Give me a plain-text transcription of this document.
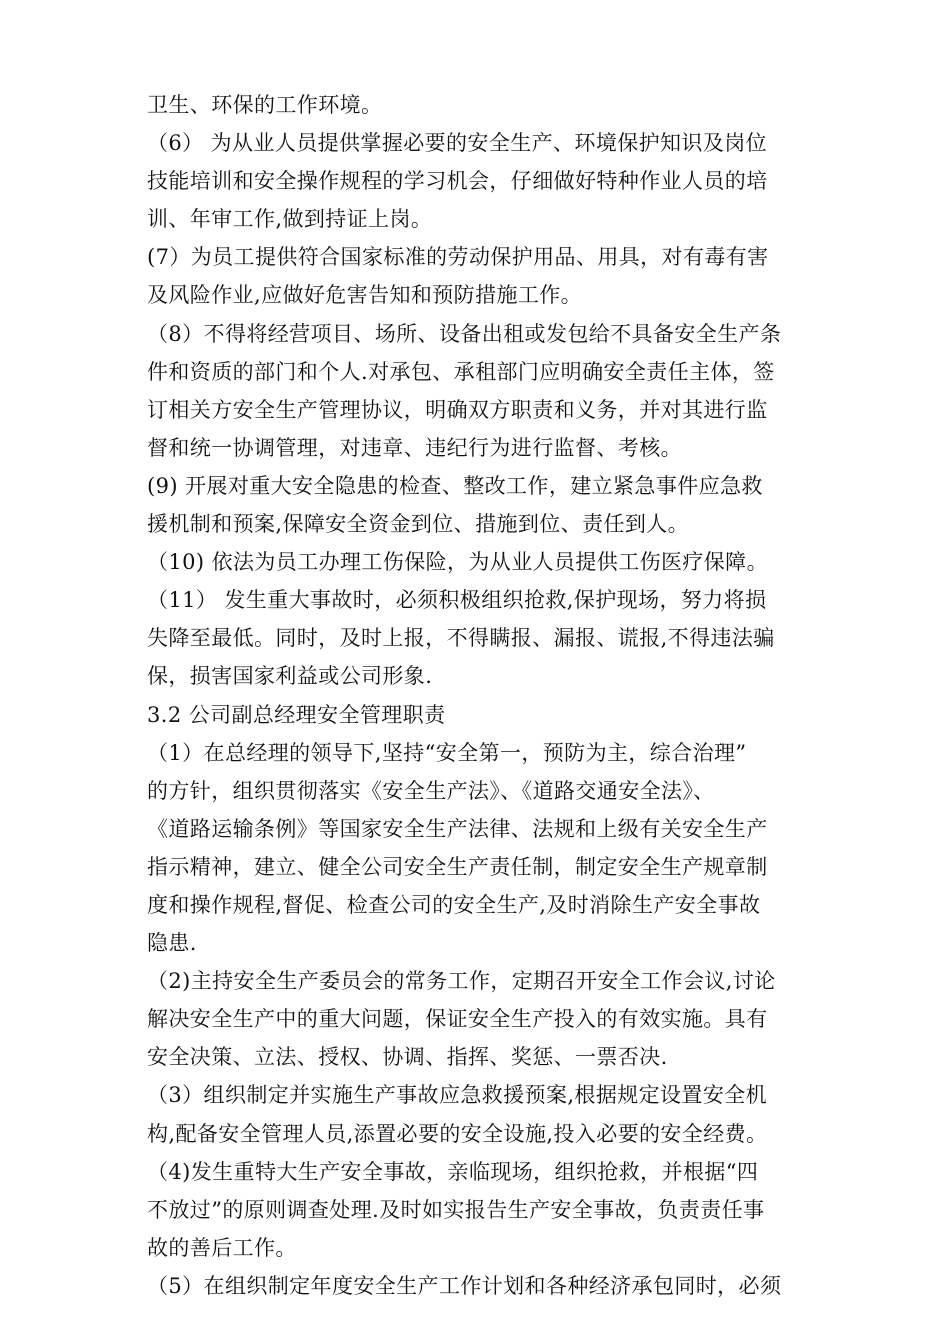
卫生、环保的工作环境。
（6） 为从业人员提供掌握必要的安全生产、环境保护知识及岗位
技能培训和安全操作规程的学习机会，仔细做好特种作业人员的培
训、年审工作,做到持证上岗。
(7）为员工提供符合国家标准的劳动保护用品、用具，对有毒有害
及风险作业,应做好危害告知和预防措施工作。
（8）不得将经营项目、场所、设备出租或发包给不具备安全生产条
件和资质的部门和个人.对承包、承租部门应明确安全责任主体，签
订相关方安全生产管理协议，明确双方职责和义务，并对其进行监
督和统一协调管理，对违章、违纪行为进行监督、考核。
(9) 开展对重大安全隐患的检查、整改工作，建立紧急事件应急救
援机制和预案,保障安全资金到位、措施到位、责任到人。
（10) 依法为员工办理工伤保险，为从业人员提供工伤医疗保障。
（11） 发生重大事故时，必须积极组织抢救,保护现场，努力将损
失降至最低。同时，及时上报，不得瞒报、漏报、谎报,不得违法骗
保，损害国家利益或公司形象.
3.2 公司副总经理安全管理职责
（1）在总经理的领导下,坚持“安全第一，预防为主，综合治理”
的方针，组织贯彻落实《安全生产法》、《道路交通安全法》、
《道路运输条例》等国家安全生产法律、法规和上级有关安全生产
指示精神，建立、健全公司安全生产责任制，制定安全生产规章制
度和操作规程,督促、检查公司的安全生产,及时消除生产安全事故
隐患.
（2)主持安全生产委员会的常务工作，定期召开安全工作会议,讨论
解决安全生产中的重大问题，保证安全生产投入的有效实施。具有
安全决策、立法、授权、协调、指挥、奖惩、一票否决.
（3）组织制定并实施生产事故应急救援预案,根据规定设置安全机
构,配备安全管理人员,添置必要的安全设施,投入必要的安全经费。
（4)发生重特大生产安全事故，亲临现场，组织抢救，并根据“四
不放过”的原则调查处理.及时如实报告生产安全事故，负责责任事
故的善后工作。
（5）在组织制定年度安全生产工作计划和各种经济承包同时，必须
